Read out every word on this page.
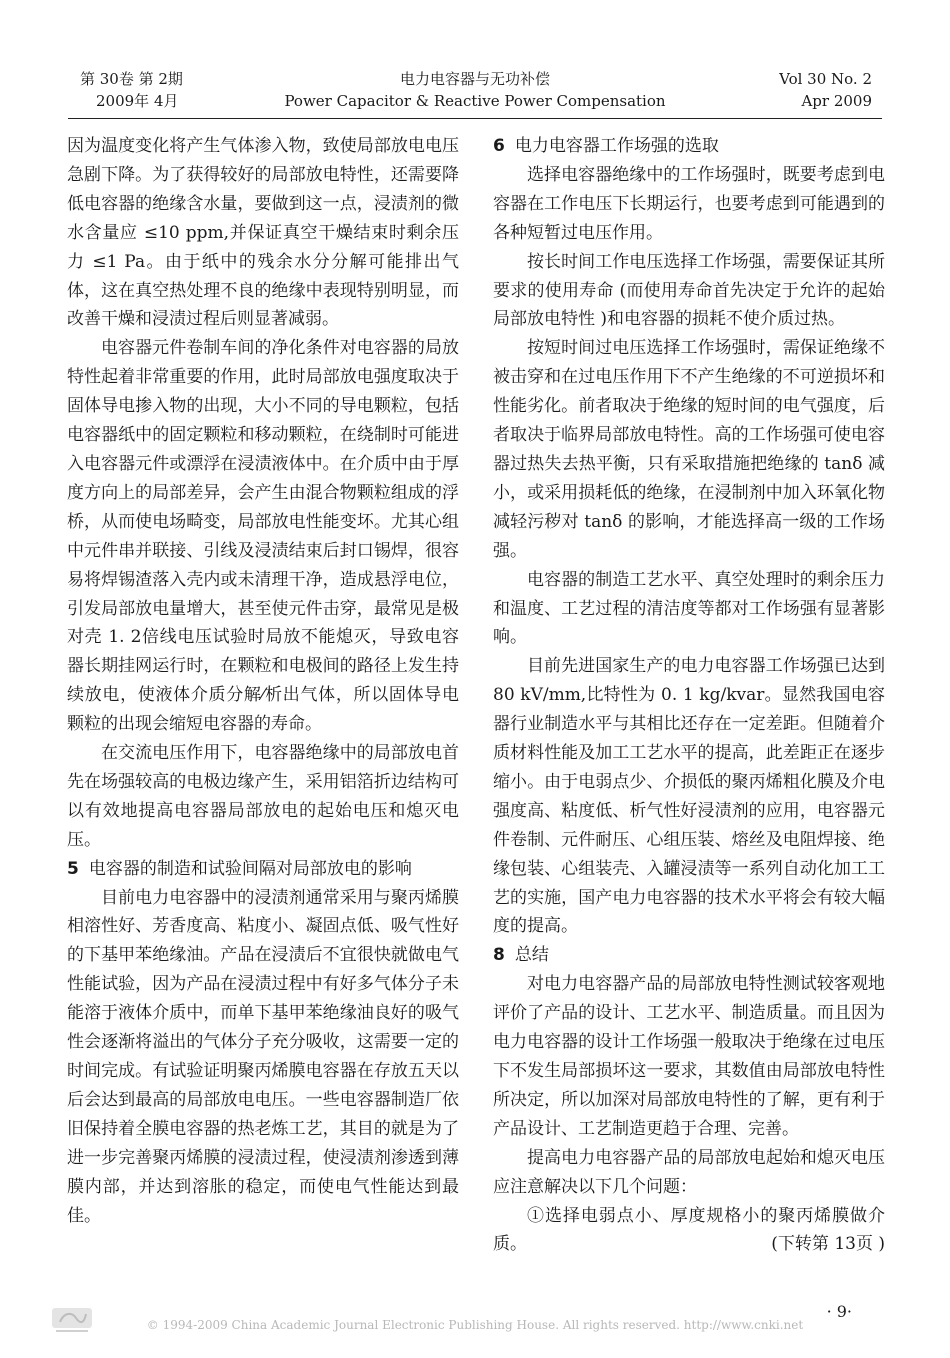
第 30卷 第 2期
2009年 4月
电力电容器与无功补偿
Power Capacitor & Reactive Power Compensation
Vol 30 No. 2
Apr 2009

因为温度变化将产生气体渗入物，致使局部放电电压急剧下降。为了获得较好的局部放电特性，还需要降低电容器的绝缘含水量，要做到这一点，浸渍剂的微水含量应 ≤10 ppm,并保证真空干燥结束时剩余压力 ≤1 Pa。由于纸中的残余水分分解可能排出气体，这在真空热处理不良的绝缘中表现特别明显，而改善干燥和浸渍过程后则显著减弱。

电容器元件卷制车间的净化条件对电容器的局放特性起着非常重要的作用，此时局部放电强度取决于固体导电掺入物的出现，大小不同的导电颗粒，包括电容器纸中的固定颗粒和移动颗粒，在绕制时可能进入电容器元件或漂浮在浸渍液体中。在介质中由于厚度方向上的局部差异，会产生由混合物颗粒组成的浮桥，从而使电场畸变，局部放电性能变坏。尤其心组中元件串并联接、引线及浸渍结束后封口锡焊，很容易将焊锡渣落入壳内或未清理干净，造成悬浮电位，引发局部放电量增大，甚至使元件击穿，最常见是极对壳 1. 2倍线电压试验时局放不能熄灭，导致电容器长期挂网运行时，在颗粒和电极间的路径上发生持续放电，使液体介质分解⁄析出气体，所以固体导电颗粒的出现会缩短电容器的寿命。

在交流电压作用下，电容器绝缘中的局部放电首先在场强较高的电极边缘产生，采用铝箔折边结构可以有效地提高电容器局部放电的起始电压和熄灭电压。

5 电容器的制造和试验间隔对局部放电的影响

目前电力电容器中的浸渍剂通常采用与聚丙烯膜相溶性好、芳香度高、粘度小、凝固点低、吸气性好的下基甲苯绝缘油。产品在浸渍后不宜很快就做电气性能试验，因为产品在浸渍过程中有好多气体分子未能溶于液体介质中，而单下基甲苯绝缘油良好的吸气性会逐渐将溢出的气体分子充分吸收，这需要一定的时间完成。有试验证明聚丙烯膜电容器在存放五天以后会达到最高的局部放电电压。一些电容器制造厂依旧保持着全膜电容器的热老炼工艺，其目的就是为了进一步完善聚丙烯膜的浸渍过程，使浸渍剂渗透到薄膜内部，并达到溶胀的稳定，而使电气性能达到最佳。

6 电力电容器工作场强的选取

选择电容器绝缘中的工作场强时，既要考虑到电容器在工作电压下长期运行，也要考虑到可能遇到的各种短暂过电压作用。

按长时间工作电压选择工作场强，需要保证其所要求的使用寿命 (而使用寿命首先决定于允许的起始局部放电特性 )和电容器的损耗不使介质过热。

按短时间过电压选择工作场强时，需保证绝缘不被击穿和在过电压作用下不产生绝缘的不可逆损坏和性能劣化。前者取决于绝缘的短时间的电气强度，后者取决于临界局部放电特性。高的工作场强可使电容器过热失去热平衡，只有采取措施把绝缘的 tanδ 减小，或采用损耗低的绝缘，在浸制剂中加入环氧化物减轻污秽对 tanδ 的影响，才能选择高一级的工作场强。

电容器的制造工艺水平、真空处理时的剩余压力和温度、工艺过程的清洁度等都对工作场强有显著影响。

目前先进国家生产的电力电容器工作场强已达到 80 kV/mm,比特性为 0. 1 kg/kvar。显然我国电容器行业制造水平与其相比还存在一定差距。但随着介质材料性能及加工工艺水平的提高，此差距正在逐步缩小。由于电弱点少、介损低的聚丙烯粗化膜及介电强度高、粘度低、析气性好浸渍剂的应用，电容器元件卷制、元件耐压、心组压装、熔丝及电阻焊接、绝缘包装、心组装壳、入罐浸渍等一系列自动化加工工艺的实施，国产电力电容器的技术水平将会有较大幅度的提高。

8 总结

对电力电容器产品的局部放电特性测试较客观地评价了产品的设计、工艺水平、制造质量。而且因为电力电容器的设计工作场强一般取决于绝缘在过电压下不发生局部损坏这一要求，其数值由局部放电特性所决定，所以加深对局部放电特性的了解，更有利于产品设计、工艺制造更趋于合理、完善。

提高电力电容器产品的局部放电起始和熄灭电压应注意解决以下几个问题：

①选择电弱点小、厚度规格小的聚丙烯膜做介质。	(下转第 13页 )

· 9·
© 1994-2009 China Academic Journal Electronic Publishing House. All rights reserved. http://www.cnki.net
